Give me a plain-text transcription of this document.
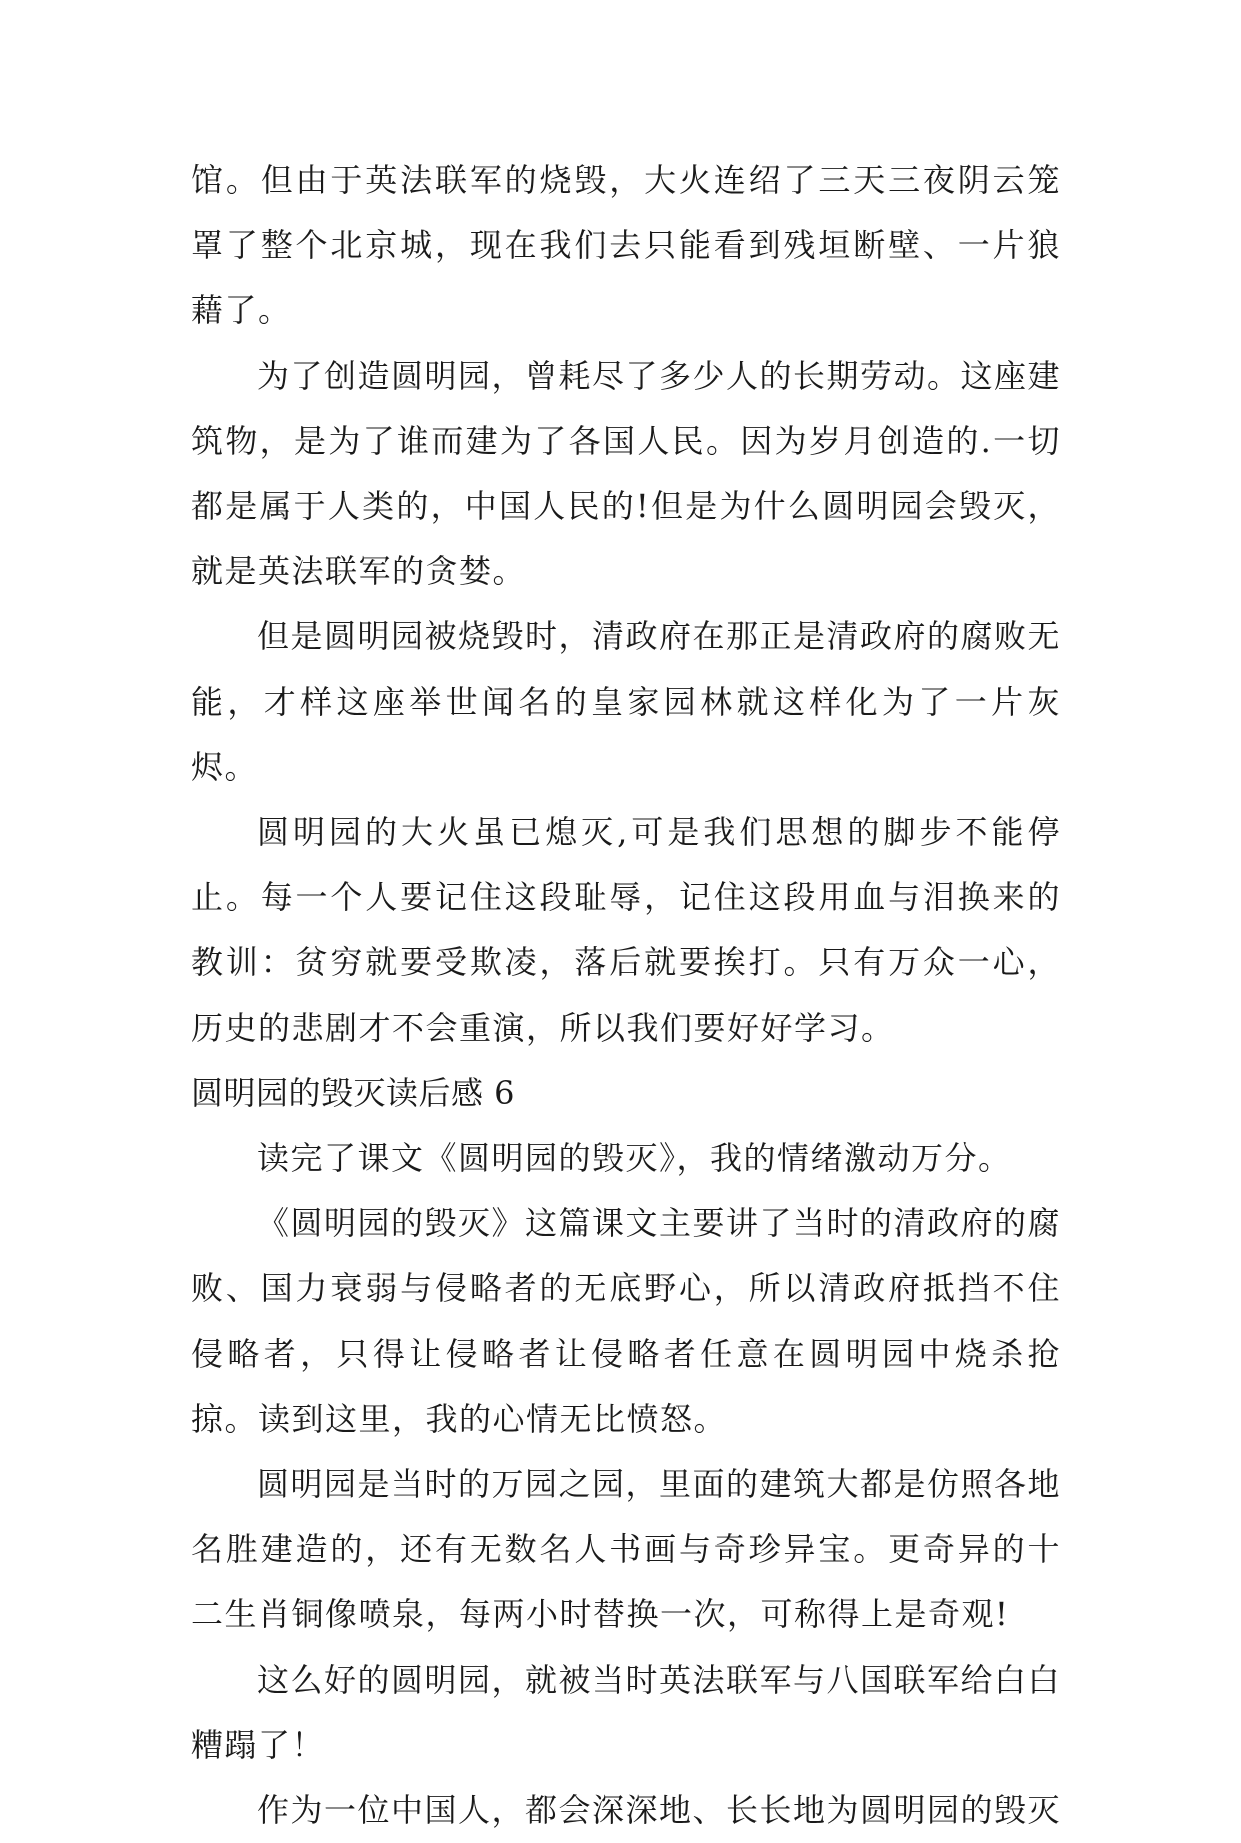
馆。但由于英法联军的烧毁，大火连绍了三天三夜阴云笼罩了整个北京城，现在我们去只能看到残垣断壁、一片狼藉了。

为了创造圆明园，曾耗尽了多少人的长期劳动。这座建筑物，是为了谁而建为了各国人民。因为岁月创造的.一切都是属于人类的，中国人民的!但是为什么圆明园会毁灭，就是英法联军的贪婪。

但是圆明园被烧毁时，清政府在那正是清政府的腐败无能，才样这座举世闻名的皇家园林就这样化为了一片灰烬。

圆明园的大火虽已熄灭,可是我们思想的脚步不能停止。每一个人要记住这段耻辱，记住这段用血与泪换来的教训：贫穷就要受欺凌，落后就要挨打。只有万众一心，历史的悲剧才不会重演，所以我们要好好学习。

圆明园的毁灭读后感 6

读完了课文《圆明园的毁灭》，我的情绪激动万分。

《圆明园的毁灭》这篇课文主要讲了当时的清政府的腐败、国力衰弱与侵略者的无底野心，所以清政府抵挡不住侵略者，只得让侵略者让侵略者任意在圆明园中烧杀抢掠。读到这里，我的心情无比愤怒。

圆明园是当时的万园之园，里面的建筑大都是仿照各地名胜建造的，还有无数名人书画与奇珍异宝。更奇异的十二生肖铜像喷泉，每两小时替换一次，可称得上是奇观!

这么好的圆明园，就被当时英法联军与八国联军给白白糟蹋了！

作为一位中国人，都会深深地、长长地为圆明园的毁灭
